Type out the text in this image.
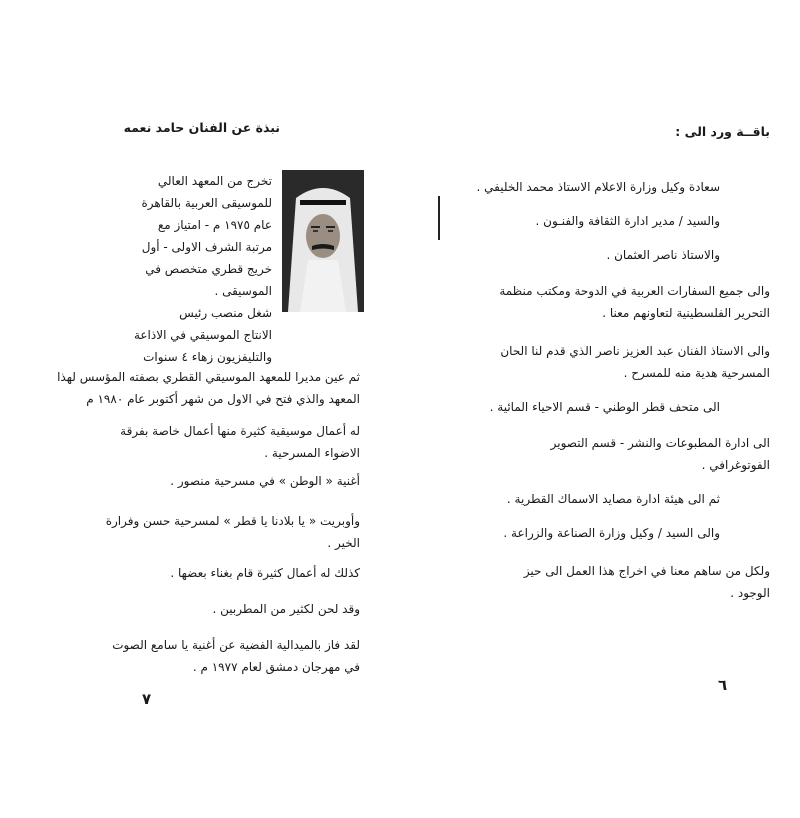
نبذة عن الفنان حامد نعمه

تخرج من المعهد العالي
للموسيقى العربية بالقاهرة
عام ١٩٧٥ م - امتياز مع
مرتبة الشرف الاولى - أول
خريج قطري متخصص في
الموسيقى .

شغل منصب رئيس
الانتاج الموسيقي في الاذاعة
والتليفزيون زهاء ٤ سنوات

ثم عين مديرا للمعهد الموسيقي القطري بصفته المؤسس لهذا
المعهد والذي فتح في الاول من شهر أكتوبر عام ١٩٨٠ م

له أعمال موسيقية كثيرة منها أعمال خاصة بفرقة
الاضواء المسرحية .

أغنية « الوطن » في مسرحية منصور .

وأوبريت « يا بلادنا يا قطر » لمسرحية حسن وفرارة
الخير .

كذلك له أعمال كثيرة قام بغناء بعضها .

وقد لحن لكثير من المطربين .

لقد فاز بالميدالية الفضية عن أغنية يا سامع الصوت
في مهرجان دمشق لعام ١٩٧٧ م .

٧
باقــة ورد الى :

سعادة وكيل وزارة الاعلام الاستاذ محمد الخليفي .

والسيد / مدير ادارة الثقافة والفنـون .

والاستاذ ناصر العثمان .

والى جميع السفارات العربية في الدوحة ومكتب منظمة
التحرير الفلسطينية لتعاونهم معنا .

والى الاستاذ الفنان عبد العزيز ناصر الذي قدم لنا الحان
المسرحية هدية منه للمسرح .

الى متحف قطر الوطني - قسم الاحياء المائية .

الى ادارة المطبوعات والنشر - قسم التصوير
الفوتوغرافي .

ثم الى هيئة ادارة مصايد الاسماك القطرية .

والى السيد / وكيل وزارة الصناعة والزراعة .

ولكل من ساهم معنا في اخراج هذا العمل الى حيز
الوجود .

٦
